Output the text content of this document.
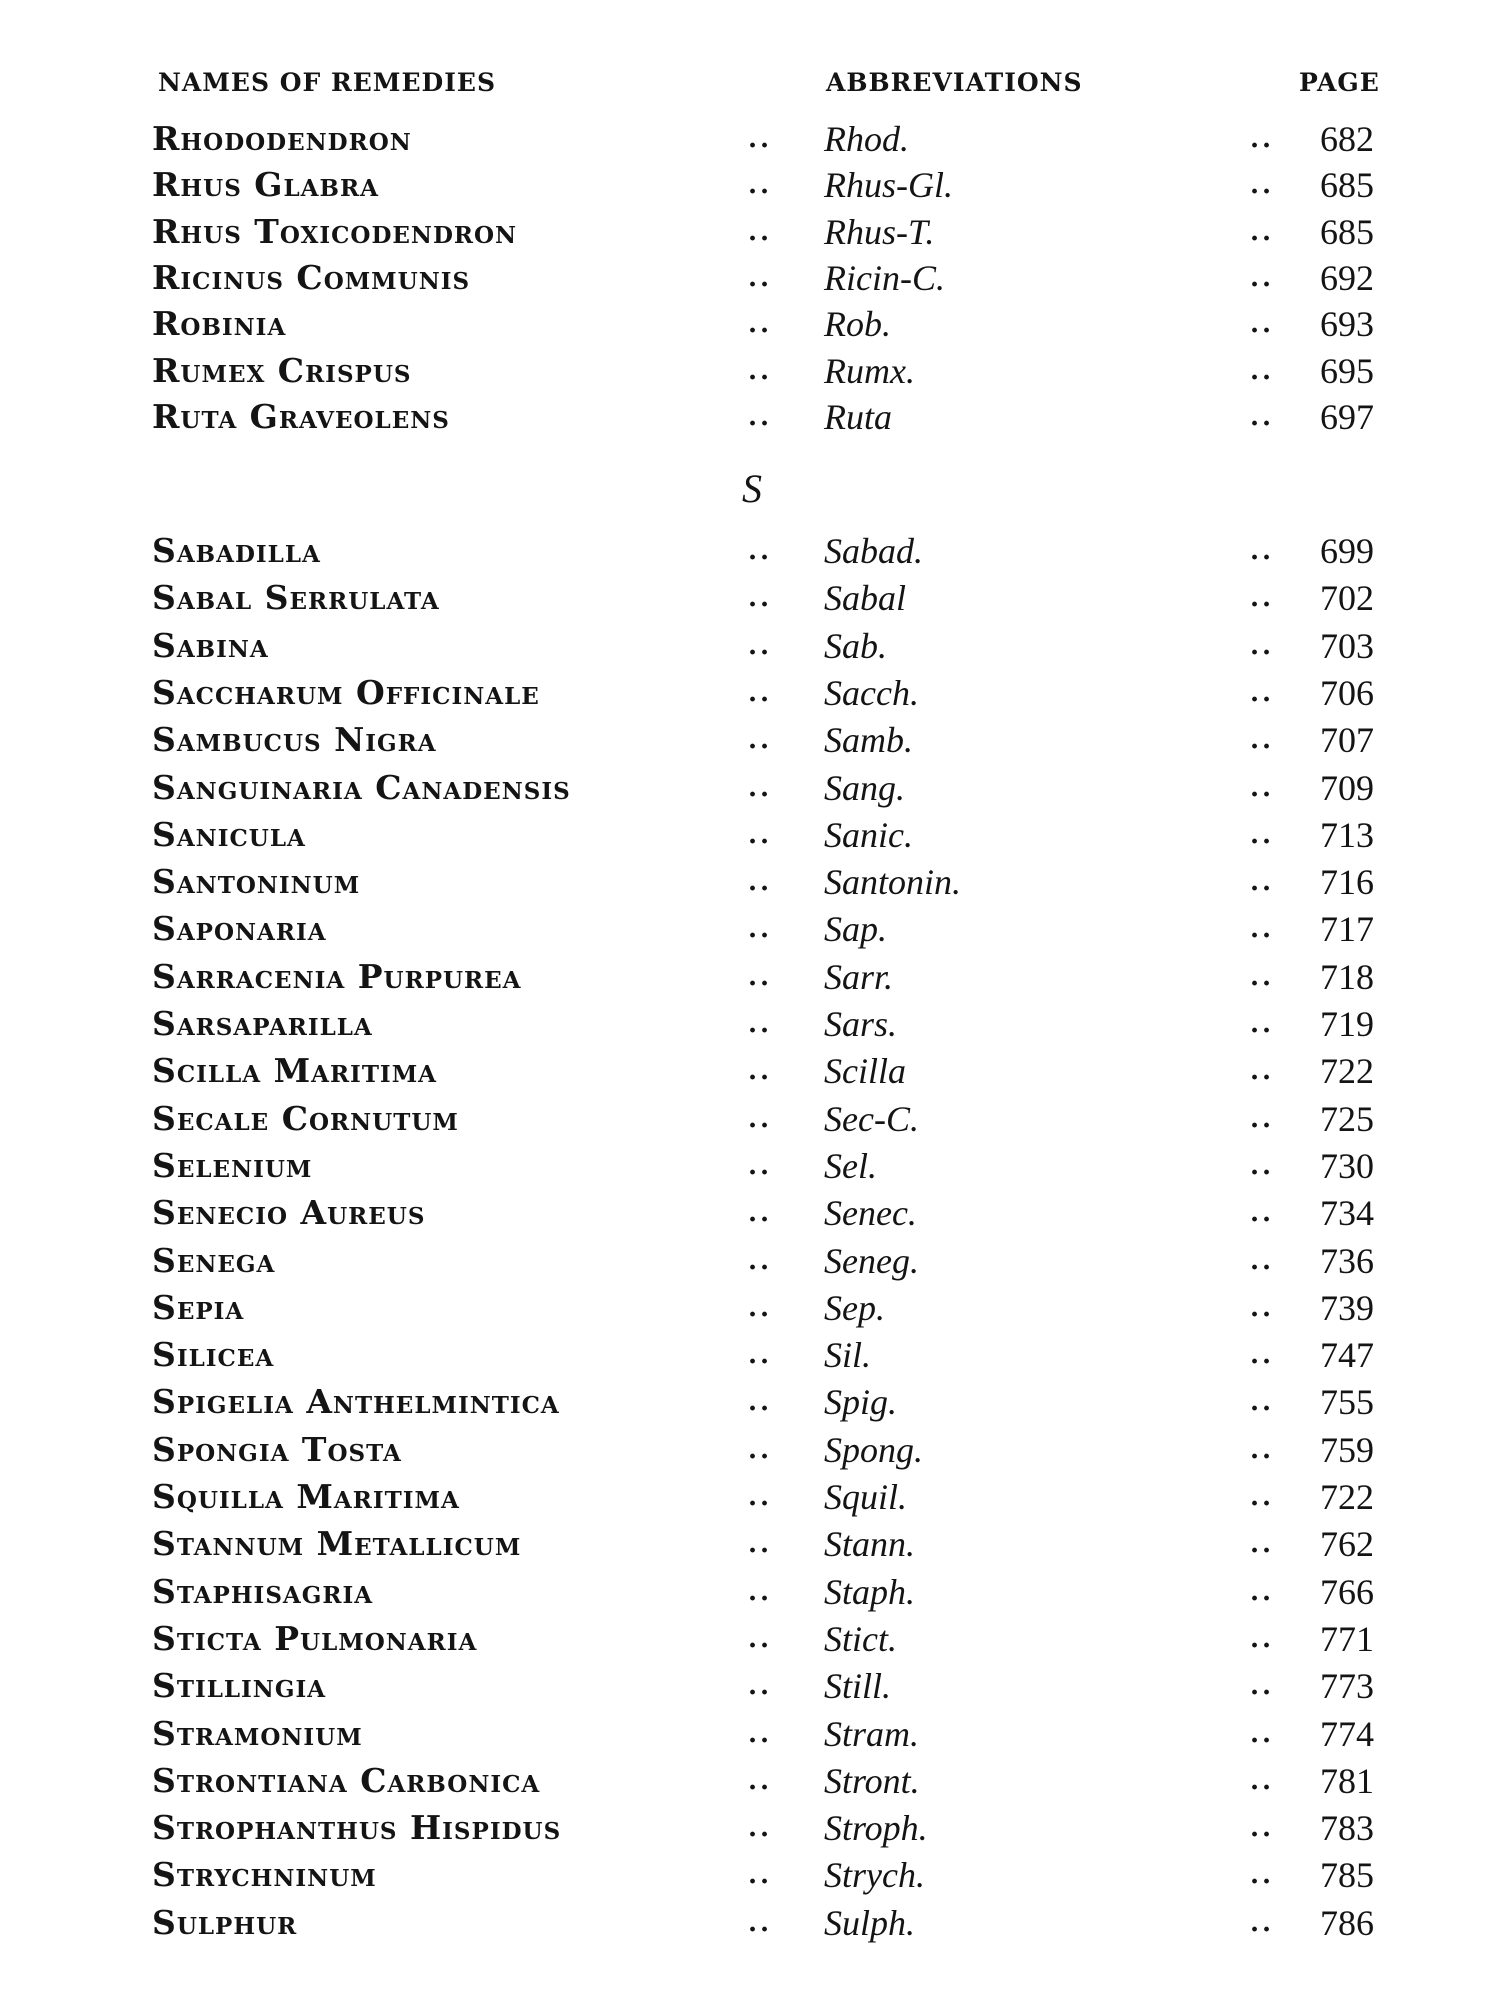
NAMES OF REMEDIES	ABBREVIATIONS	PAGE
Rhododendron	.. Rhod.	.. 682
Rhus Glabra	.. Rhus-Gl.	.. 685
Rhus Toxicodendron	.. Rhus-T.	.. 685
Ricinus Communis	.. Ricin-C.	.. 692
Robinia	.. Rob.	.. 693
Rumex Crispus	.. Rumx.	.. 695
Ruta Graveolens	.. Ruta	.. 697
S
Sabadilla	.. Sabad.	.. 699
Sabal Serrulata	.. Sabal	.. 702
Sabina	.. Sab.	.. 703
Saccharum Officinale	.. Sacch.	.. 706
Sambucus Nigra	.. Samb.	.. 707
Sanguinaria Canadensis	.. Sang.	.. 709
Sanicula	.. Sanic.	.. 713
Santoninum	.. Santonin.	.. 716
Saponaria	.. Sap.	.. 717
Sarracenia Purpurea	.. Sarr.	.. 718
Sarsaparilla	.. Sars.	.. 719
Scilla Maritima	.. Scilla	.. 722
Secale Cornutum	.. Sec-C.	.. 725
Selenium	.. Sel.	.. 730
Senecio Aureus	.. Senec.	.. 734
Senega	.. Seneg.	.. 736
Sepia	.. Sep.	.. 739
Silicea	.. Sil.	.. 747
Spigelia Anthelmintica	.. Spig.	.. 755
Spongia Tosta	.. Spong.	.. 759
Squilla Maritima	.. Squil.	.. 722
Stannum Metallicum	.. Stann.	.. 762
Staphisagria	.. Staph.	.. 766
Sticta Pulmonaria	.. Stict.	.. 771
Stillingia	.. Still.	.. 773
Stramonium	.. Stram.	.. 774
Strontiana Carbonica	.. Stront.	.. 781
Strophanthus Hispidus	.. Stroph.	.. 783
Strychninum	.. Strych.	.. 785
Sulphur	.. Sulph.	.. 786
